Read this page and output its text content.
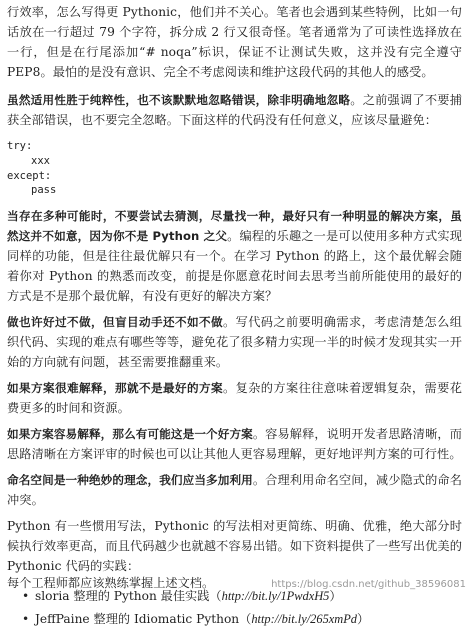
行效率，怎么写得更 Pythonic，他们并不关心。笔者也会遇到某些特例，比如一句话放在一行超过 79 个字符，拆分成 2 行又很奇怪。笔者通常为了可读性选择放在一行，但是在行尾添加“# noqa”标识，保证不让测试失败，这并没有完全遵守 PEP8。最怕的是没有意识、完全不考虑阅读和维护这段代码的其他人的感受。

虽然适用性胜于纯粹性，也不该默默地忽略错误，除非明确地忽略。之前强调了不要捕获全部错误，也不要完全忽略。下面这样的代码没有任何意义，应该尽量避免：

try:
xxx
except:
pass

当存在多种可能时，不要尝试去猜测，尽量找一种，最好只有一种明显的解决方案，虽然这并不如意，因为你不是 Python 之父。编程的乐趣之一是可以使用多种方式实现同样的功能，但是往往最优解只有一个。在学习 Python 的路上，这个最优解会随着你对 Python 的熟悉而改变，前提是你愿意花时间去思考当前所能使用的最好的方式是不是那个最优解，有没有更好的解决方案？

做也许好过不做，但盲目动手还不如不做。写代码之前要明确需求，考虑清楚怎么组织代码、实现的难点有哪些等等，避免花了很多精力实现一半的时候才发现其实一开始的方向就有问题，甚至需要推翻重来。

如果方案很难解释，那就不是最好的方案。复杂的方案往往意味着逻辑复杂，需要花费更多的时间和资源。

如果方案容易解释，那么有可能这是一个好方案。容易解释，说明开发者思路清晰，而思路清晰在方案评审的时候也可以让其他人更容易理解，更好地评判方案的可行性。

命名空间是一种绝妙的理念，我们应当多加利用。合理利用命名空间，减少隐式的命名冲突。

Python 有一些惯用写法，Pythonic 的写法相对更简练、明确、优雅，绝大部分时候执行效率更高，而且代码越少也就越不容易出错。如下资料提供了一些写出优美的 Pythonic 代码的实践：

• sloria 整理的 Python 最佳实践（http://bit.ly/1PwdxH5）
• JeffPaine 整理的 Idiomatic Python（http://bit.ly/265xmPd）
每个工程师都应该熟练掌握上述文档。	https://blog.csdn.net/github_38596081
